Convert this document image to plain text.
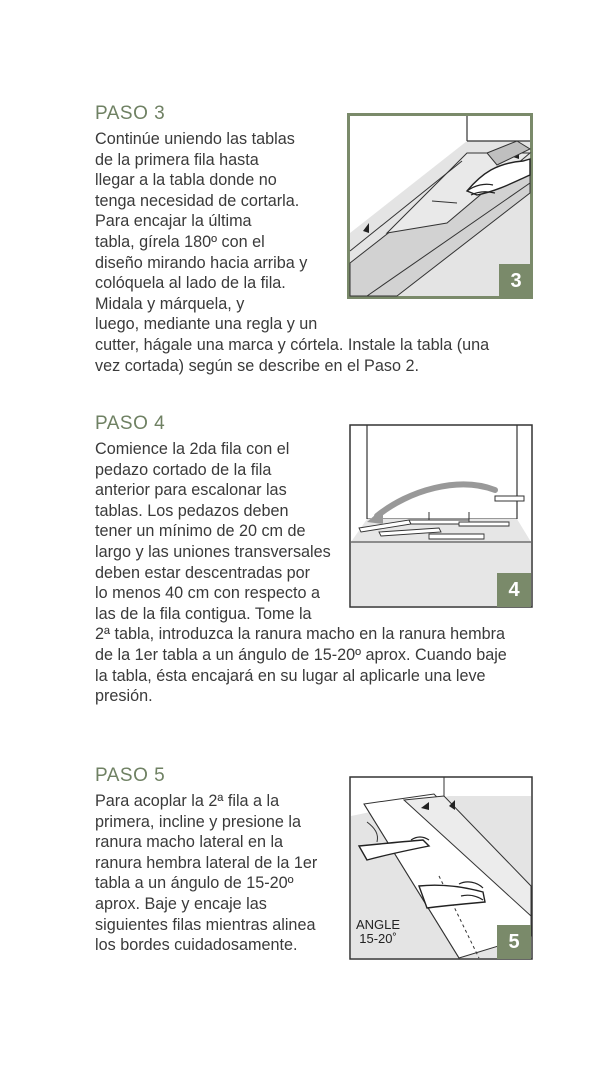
PASO 3
Continúe uniendo las tablas
de la primera fila hasta
llegar a la tabla donde no
tenga necesidad de cortarla.
Para encajar la última
tabla, gírela 180º con el
diseño mirando hacia arriba y
colóquela al lado de la fila.
Midala y márquela, y
luego, mediante una regla y un
cutter, hágale una marca y córtela. Instale la tabla (una
vez cortada) según se describe en el Paso 2.
3
PASO 4
Comience la 2da fila con el
pedazo cortado de la fila
anterior para escalonar las
tablas. Los pedazos deben
tener un mínimo de 20 cm de
largo y las uniones transversales
deben estar descentradas por
lo menos 40 cm con respecto a
las de la fila contigua. Tome la
2ª tabla, introduzca la ranura macho en la ranura hembra
de la 1er tabla a un ángulo de 15-20º aprox. Cuando baje
la tabla, ésta encajará en su lugar al aplicarle una leve
presión.
4
PASO 5
Para acoplar la 2ª fila a la
primera, incline y presione la
ranura macho lateral en la
ranura hembra lateral de la 1er
tabla a un ángulo de 15-20º
aprox. Baje y encaje las
siguientes filas mientras alinea
los bordes cuidadosamente.
ANGLE
15-20˚	5
